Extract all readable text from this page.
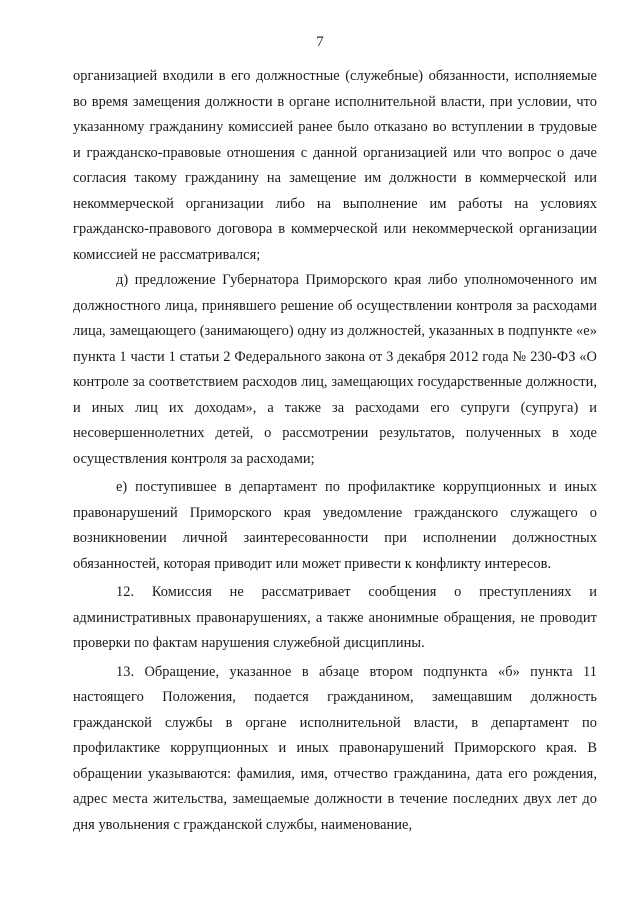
7

организацией входили в его должностные (служебные) обязанности, исполняемые во время замещения должности в органе исполнительной власти, при условии, что указанному гражданину комиссией ранее было отказано во вступлении в трудовые и гражданско-правовые отношения с данной организацией или что вопрос о даче согласия такому гражданину на замещение им должности в коммерческой или некоммерческой организации либо на выполнение им работы на условиях гражданско-правового договора в коммерческой или некоммерческой организации комиссией не рассматривался;

д) предложение Губернатора Приморского края либо уполномоченного им должностного лица, принявшего решение об осуществлении контроля за расходами лица, замещающего (занимающего) одну из должностей, указанных в подпункте «е» пункта 1 части 1 статьи 2 Федерального закона от 3 декабря 2012 года № 230-ФЗ «О контроле за соответствием расходов лиц, замещающих государственные должности, и иных лиц их доходам», а также за расходами его супруги (супруга) и несовершеннолетних детей, о рассмотрении результатов, полученных в ходе осуществления контроля за расходами;

е) поступившее в департамент по профилактике коррупционных и иных правонарушений Приморского края уведомление гражданского служащего о возникновении личной заинтересованности при исполнении должностных обязанностей, которая приводит или может привести к конфликту интересов.

12. Комиссия не рассматривает сообщения о преступлениях и административных правонарушениях, а также анонимные обращения, не проводит проверки по фактам нарушения служебной дисциплины.

13. Обращение, указанное в абзаце втором подпункта «б» пункта 11 настоящего Положения, подается гражданином, замещавшим должность гражданской службы в органе исполнительной власти, в департамент по профилактике коррупционных и иных правонарушений Приморского края. В обращении указываются: фамилия, имя, отчество гражданина, дата его рождения, адрес места жительства, замещаемые должности в течение последних двух лет до дня увольнения с гражданской службы, наименование,
